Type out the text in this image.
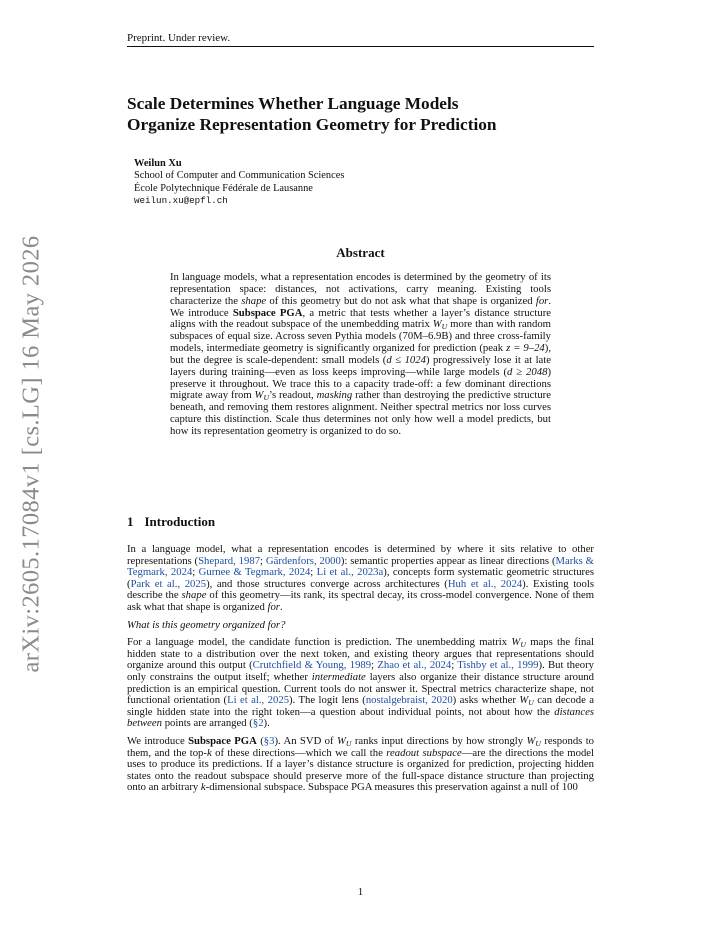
arXiv:2605.17084v1 [cs.LG] 16 May 2026
Preprint. Under review.
Scale Determines Whether Language Models
Organize Representation Geometry for Prediction
Weilun Xu
School of Computer and Communication Sciences
École Polytechnique Fédérale de Lausanne
weilun.xu@epfl.ch
Abstract
In language models, what a representation encodes is determined by the geometry of its representation space: distances, not activations, carry meaning. Existing tools characterize the shape of this geometry but do not ask what that shape is organized for. We introduce Subspace PGA, a metric that tests whether a layer’s distance structure aligns with the readout subspace of the unembedding matrix $W_U$ more than with random subspaces of equal size. Across seven Pythia models (70M–6.9B) and three cross-family models, intermediate geometry is significantly organized for prediction (peak z = 9–24), but the degree is scale-dependent: small models (d ≤ 1024) progressively lose it at late layers during training—even as loss keeps improving—while large models (d ≥ 2048) preserve it throughout. We trace this to a capacity trade-off: a few dominant directions migrate away from $W_U’s$ readout, masking rather than destroying the predictive structure beneath, and removing them restores alignment. Neither spectral metrics nor loss curves capture this distinction. Scale thus determines not only how well a model predicts, but how its representation geometry is organized to do so.
1 Introduction

In a language model, what a representation encodes is determined by where it sits relative to other representations (Shepard, 1987; Gärdenfors, 2000): semantic properties appear as linear directions (Marks & Tegmark, 2024; Gurnee & Tegmark, 2024; Li et al., 2023a), concepts form systematic geometric structures (Park et al., 2025), and those structures converge across architectures (Huh et al., 2024). Existing tools describe the shape of this geometry—its rank, its spectral decay, its cross-model convergence. None of them ask what that shape is organized for.

What is this geometry organized for?

For a language model, the candidate function is prediction. The unembedding matrix $W_U$ maps the final hidden state to a distribution over the next token, and existing theory argues that representations should organize around this output (Crutchfield & Young, 1989; Zhao et al., 2024; Tishby et al., 1999). But theory only constrains the output itself; whether intermediate layers also organize their distance structure around prediction is an empirical question. Current tools do not answer it. Spectral metrics characterize shape, not functional orientation (Li et al., 2025). The logit lens (nostalgebraist, 2020) asks whether $W_U$ can decode a single hidden state into the right token—a question about individual points, not about how the distances between points are arranged (§2).

We introduce Subspace PGA (§3). An SVD of $W_U$ ranks input directions by how strongly $W_U$ responds to them, and the top-k of these directions—which we call the readout subspace—are the directions the model uses to produce its predictions. If a layer’s distance structure is organized for prediction, projecting hidden states onto the readout subspace should preserve more of the full-space distance structure than projecting onto an arbitrary k-dimensional subspace. Subspace PGA measures this preservation against a null of 100

1
